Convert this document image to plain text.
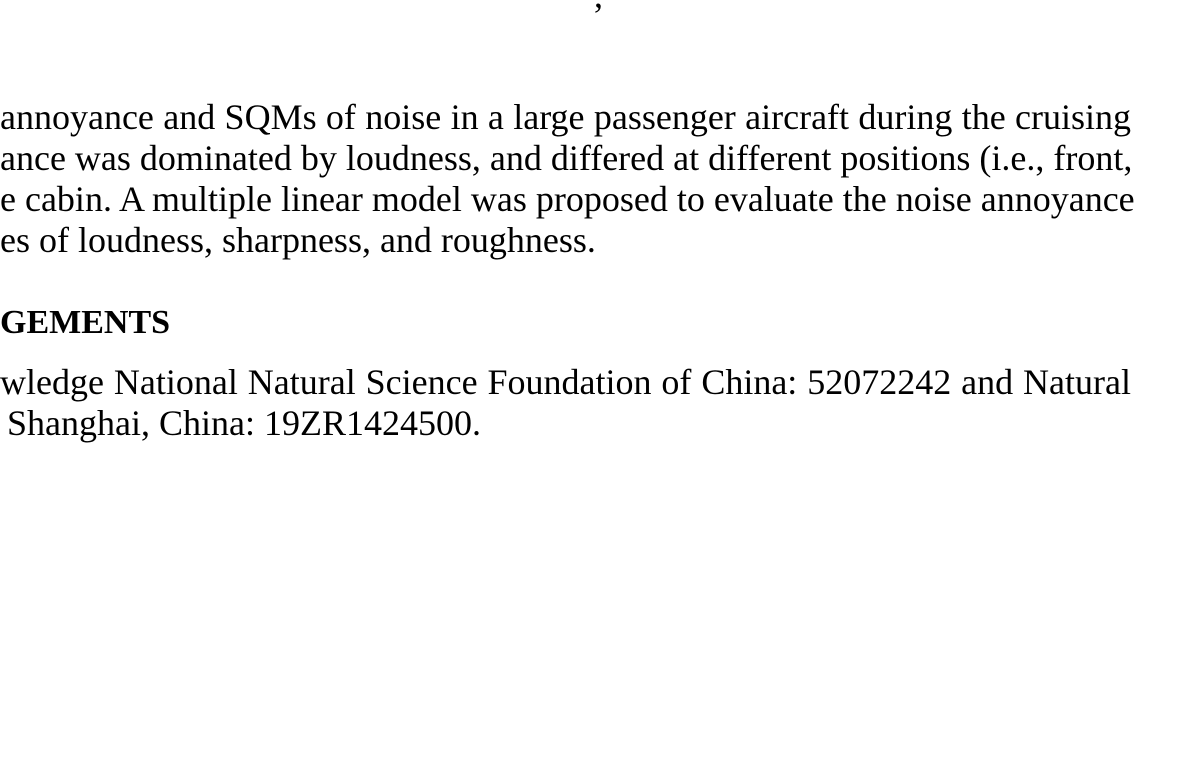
annoyance and SQMs of noise in a large passenger aircraft during the cruising
ance was dominated by loudness, and differed at different positions (i.e., front,
e cabin. A multiple linear model was proposed to evaluate the noise annoyance
es of loudness, sharpness, and roughness.
GEMENTS
wledge National Natural Science Foundation of China: 52072242 and Natural
Shanghai, China: 19ZR1424500.
